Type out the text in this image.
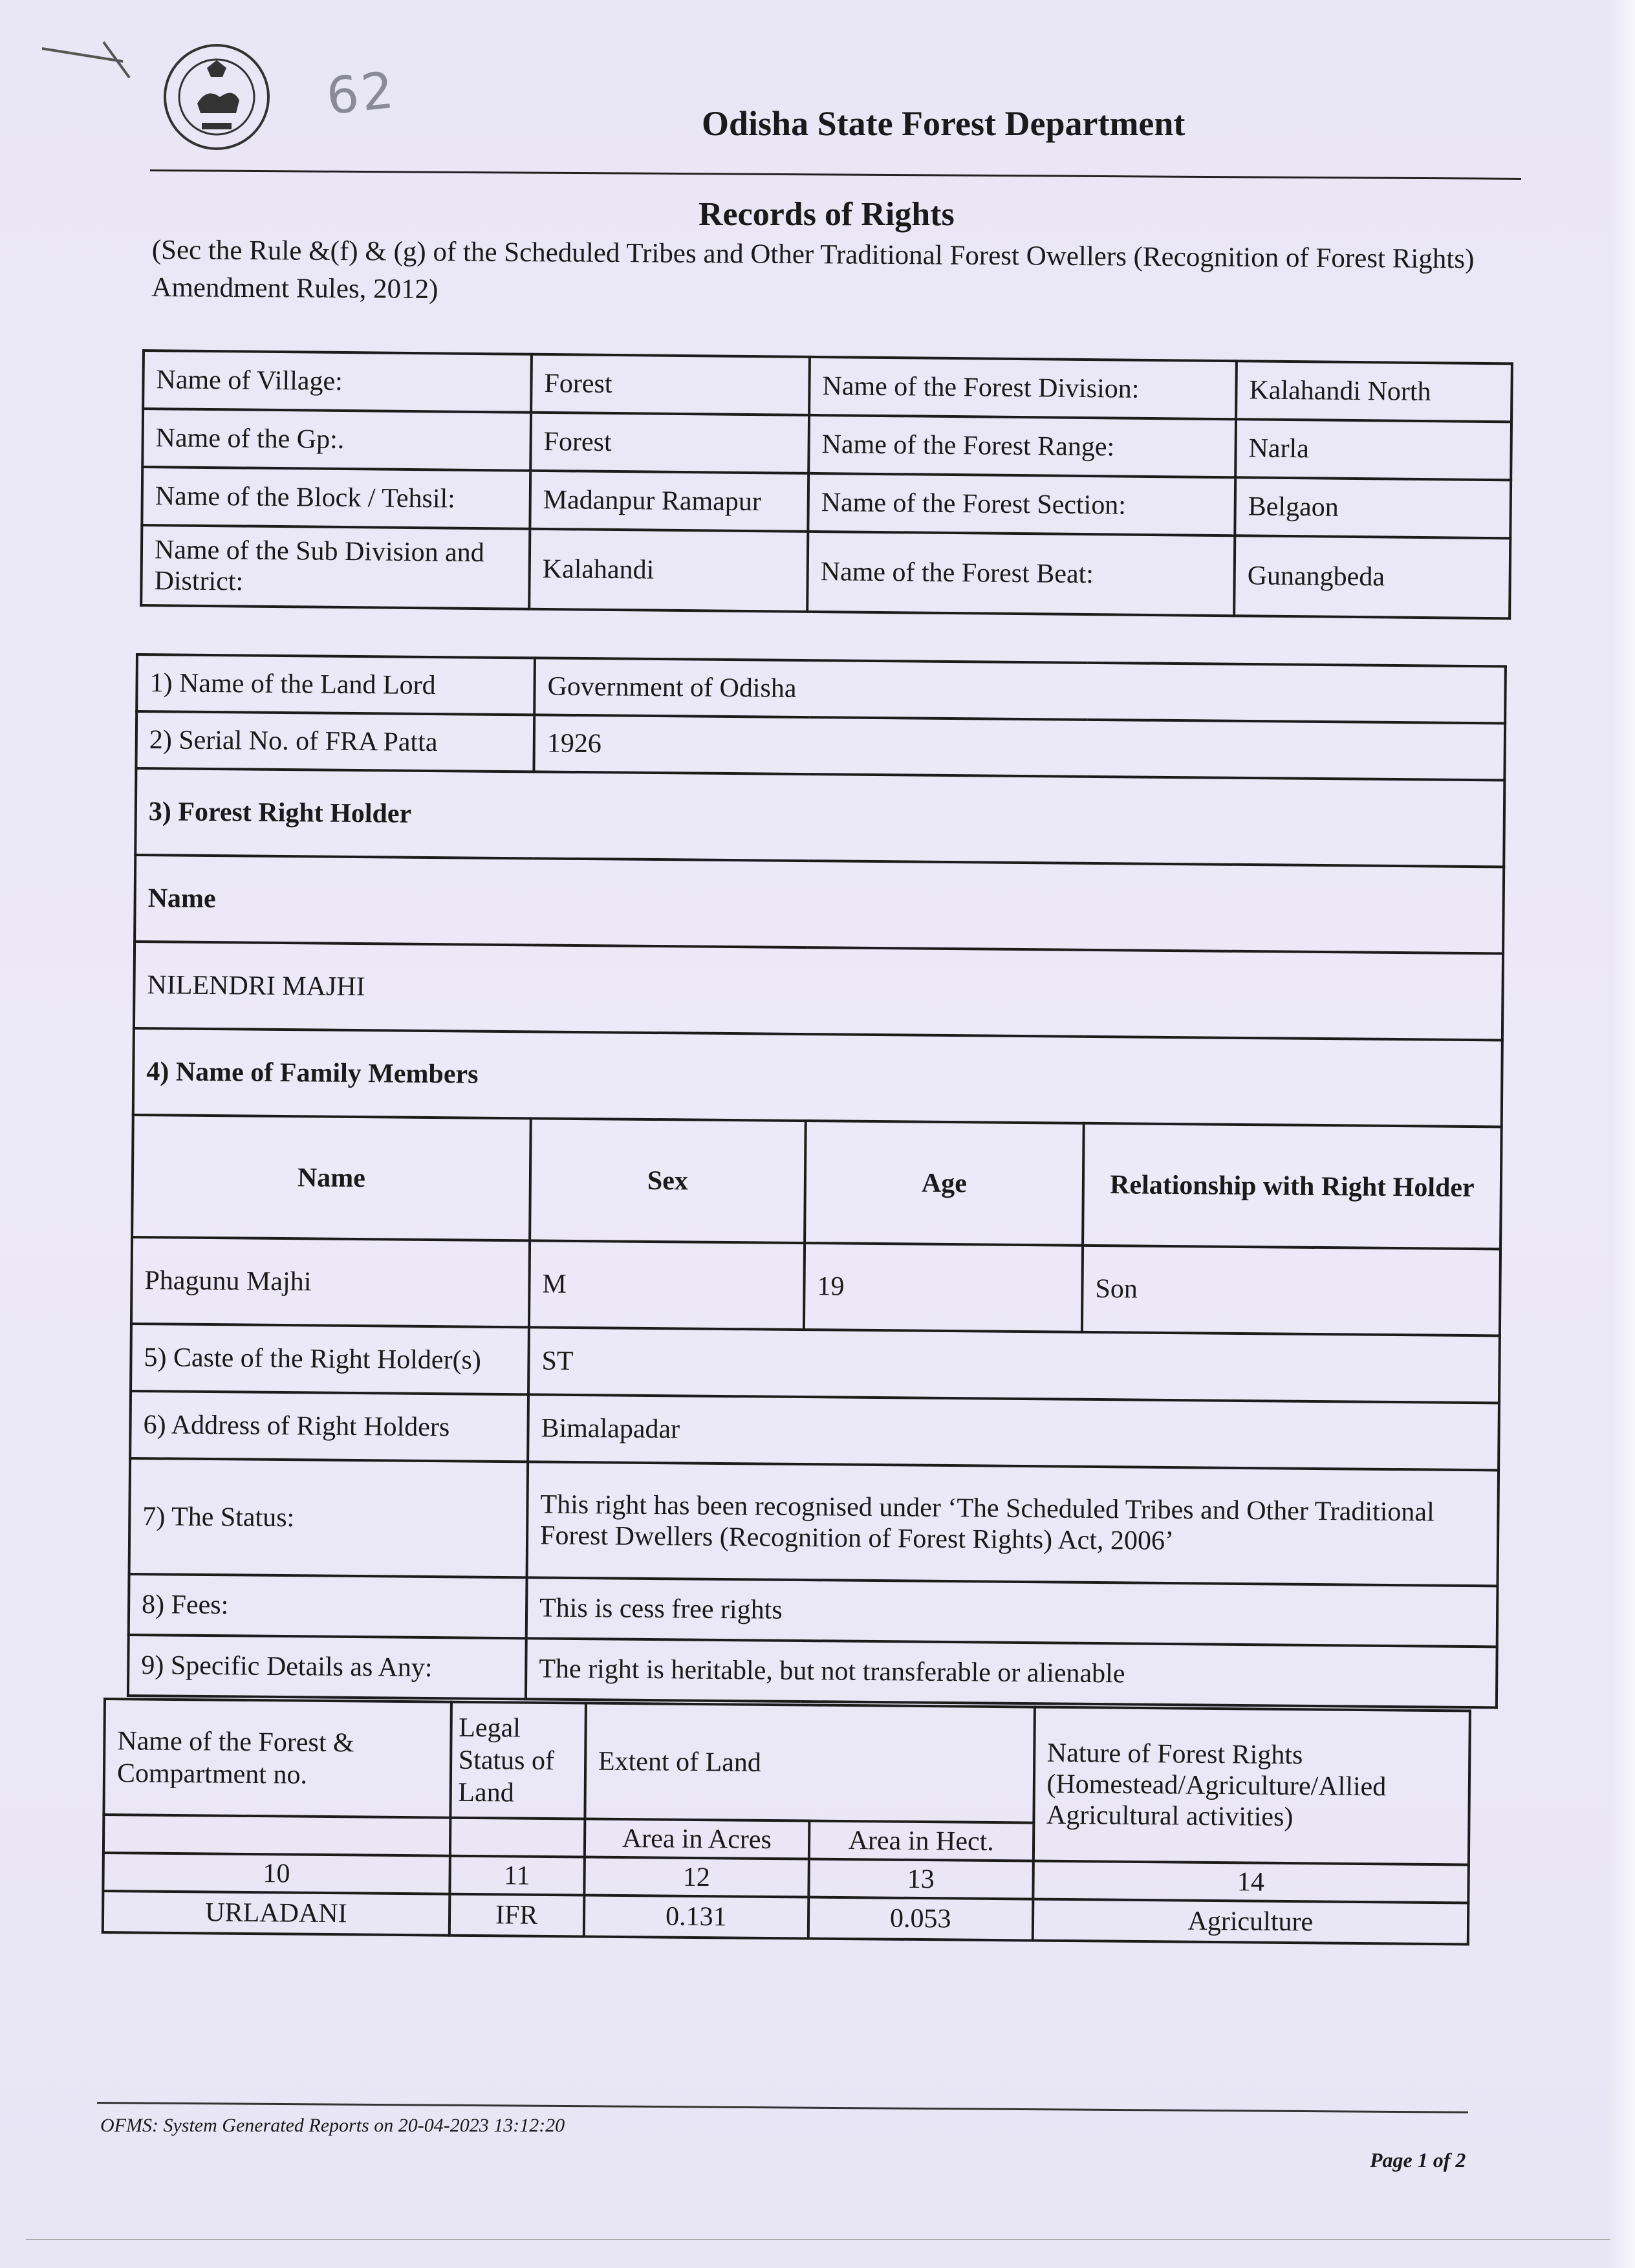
62	Odisha State Forest Department
Records of Rights
(Sec the Rule &(f) & (g) of the Scheduled Tribes and Other Traditional Forest Owellers (Recognition of Forest Rights) Amendment Rules, 2012)
Name of Village:	Forest	Name of the Forest Division:	Kalahandi North
Name of the Gp:.	Forest	Name of the Forest Range:	Narla
Name of the Block / Tehsil:	Madanpur Ramapur	Name of the Forest Section:	Belgaon
Name of the Sub Division and District:	Kalahandi	Name of the Forest Beat:	Gunangbeda
1) Name of the Land Lord	Government of Odisha		
2) Serial No. of FRA Patta	1926		
3) Forest Right Holder			
Name			
NILENDRI MAJHI			
4) Name of Family Members			
Name	Sex	Age	Relationship with Right Holder
Phagunu Majhi	M	19	Son
5) Caste of the Right Holder(s)	ST		
6) Address of Right Holders	Bimalapadar		
7) The Status:	This right has been recognised under ‘The Scheduled Tribes and Other Traditional
Forest Dwellers (Recognition of Forest Rights) Act, 2006’		

8) Fees:	This is cess free rights		
9) Specific Details as Any:	The right is heritable, but not transferable or alienable		
Name of the Forest & Compartment no.	Legal Status of Land	Extent of Land		Nature of Forest Rights (Homestead/Agriculture/Allied Agricultural activities)
		Area in Acres	Area in Hect.	
10	11	12	13	14
URLADANI	IFR	0.131	0.053	Agriculture
OFMS: System Generated Reports on 20-04-2023 13:12:20
Page 1 of 2
